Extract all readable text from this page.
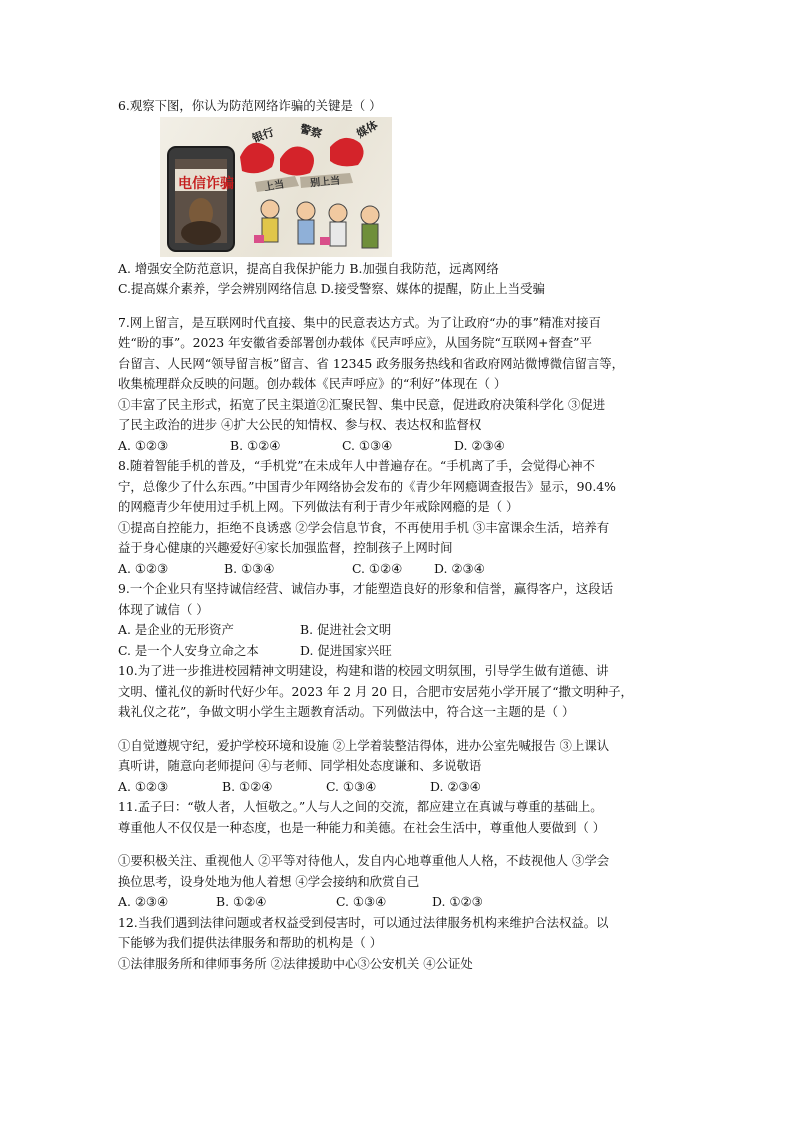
6.观察下图，你认为防范网络诈骗的关键是（ ）
电信诈骗
银行 警察	媒体
上当 别上当
A. 增强安全防范意识，提高自我保护能力 B.加强自我防范，远离网络
C.提高媒介素养，学会辨别网络信息 D.接受警察、媒体的提醒，防止上当受骗
7.网上留言，是互联网时代直接、集中的民意表达方式。为了让政府“办的事”精准对接百
姓“盼的事”。2023 年安徽省委部署创办载体《民声呼应》，从国务院“互联网+督查”平
台留言、人民网“领导留言板”留言、省 12345 政务服务热线和省政府网站微博微信留言等，
收集梳理群众反映的问题。创办载体《民声呼应》的“利好”体现在（ ）
①丰富了民主形式，拓宽了民主渠道②汇聚民智、集中民意，促进政府决策科学化 ③促进
了民主政治的进步 ④扩大公民的知情权、参与权、表达权和监督权
A. ①②③	B. ①②④	C. ①③④	D. ②③④
8.随着智能手机的普及，“手机党”在未成年人中普遍存在。“手机离了手，会觉得心神不
宁，总像少了什么东西。”中国青少年网络协会发布的《青少年网瘾调查报告》显示，90.4%
的网瘾青少年使用过手机上网。下列做法有利于青少年戒除网瘾的是（ ）
①提高自控能力，拒绝不良诱惑 ②学会信息节食，不再使用手机 ③丰富课余生活，培养有
益于身心健康的兴趣爱好④家长加强监督，控制孩子上网时间
A. ①②③	B. ①③④	C. ①②④	D. ②③④
9.一个企业只有坚持诚信经营、诚信办事，才能塑造良好的形象和信誉，赢得客户，这段话
体现了诚信（ ）
A. 是企业的无形资产	B. 促进社会文明
C. 是一个人安身立命之本	D. 促进国家兴旺
10.为了进一步推进校园精神文明建设，构建和谐的校园文明氛围，引导学生做有道德、讲
文明、懂礼仪的新时代好少年。2023 年 2 月 20 日，合肥市安居苑小学开展了“撒文明种子，
栽礼仪之花”，争做文明小学生主题教育活动。下列做法中，符合这一主题的是（ ）
①自觉遵规守纪，爱护学校环境和设施 ②上学着装整洁得体，进办公室先喊报告 ③上课认
真听讲，随意向老师提问 ④与老师、同学相处态度谦和、多说敬语
A. ①②③	B. ①②④	C. ①③④	D. ②③④
11.孟子曰：“敬人者，人恒敬之。”人与人之间的交流，都应建立在真诚与尊重的基础上。
尊重他人不仅仅是一种态度，也是一种能力和美德。在社会生活中，尊重他人要做到（ ）
①要积极关注、重视他人 ②平等对待他人，发自内心地尊重他人人格，不歧视他人 ③学会
换位思考，设身处地为他人着想 ④学会接纳和欣赏自己
A. ②③④	B. ①②④	C. ①③④	D. ①②③
12.当我们遇到法律问题或者权益受到侵害时，可以通过法律服务机构来维护合法权益。以
下能够为我们提供法律服务和帮助的机构是（ ）
①法律服务所和律师事务所 ②法律援助中心③公安机关 ④公证处
